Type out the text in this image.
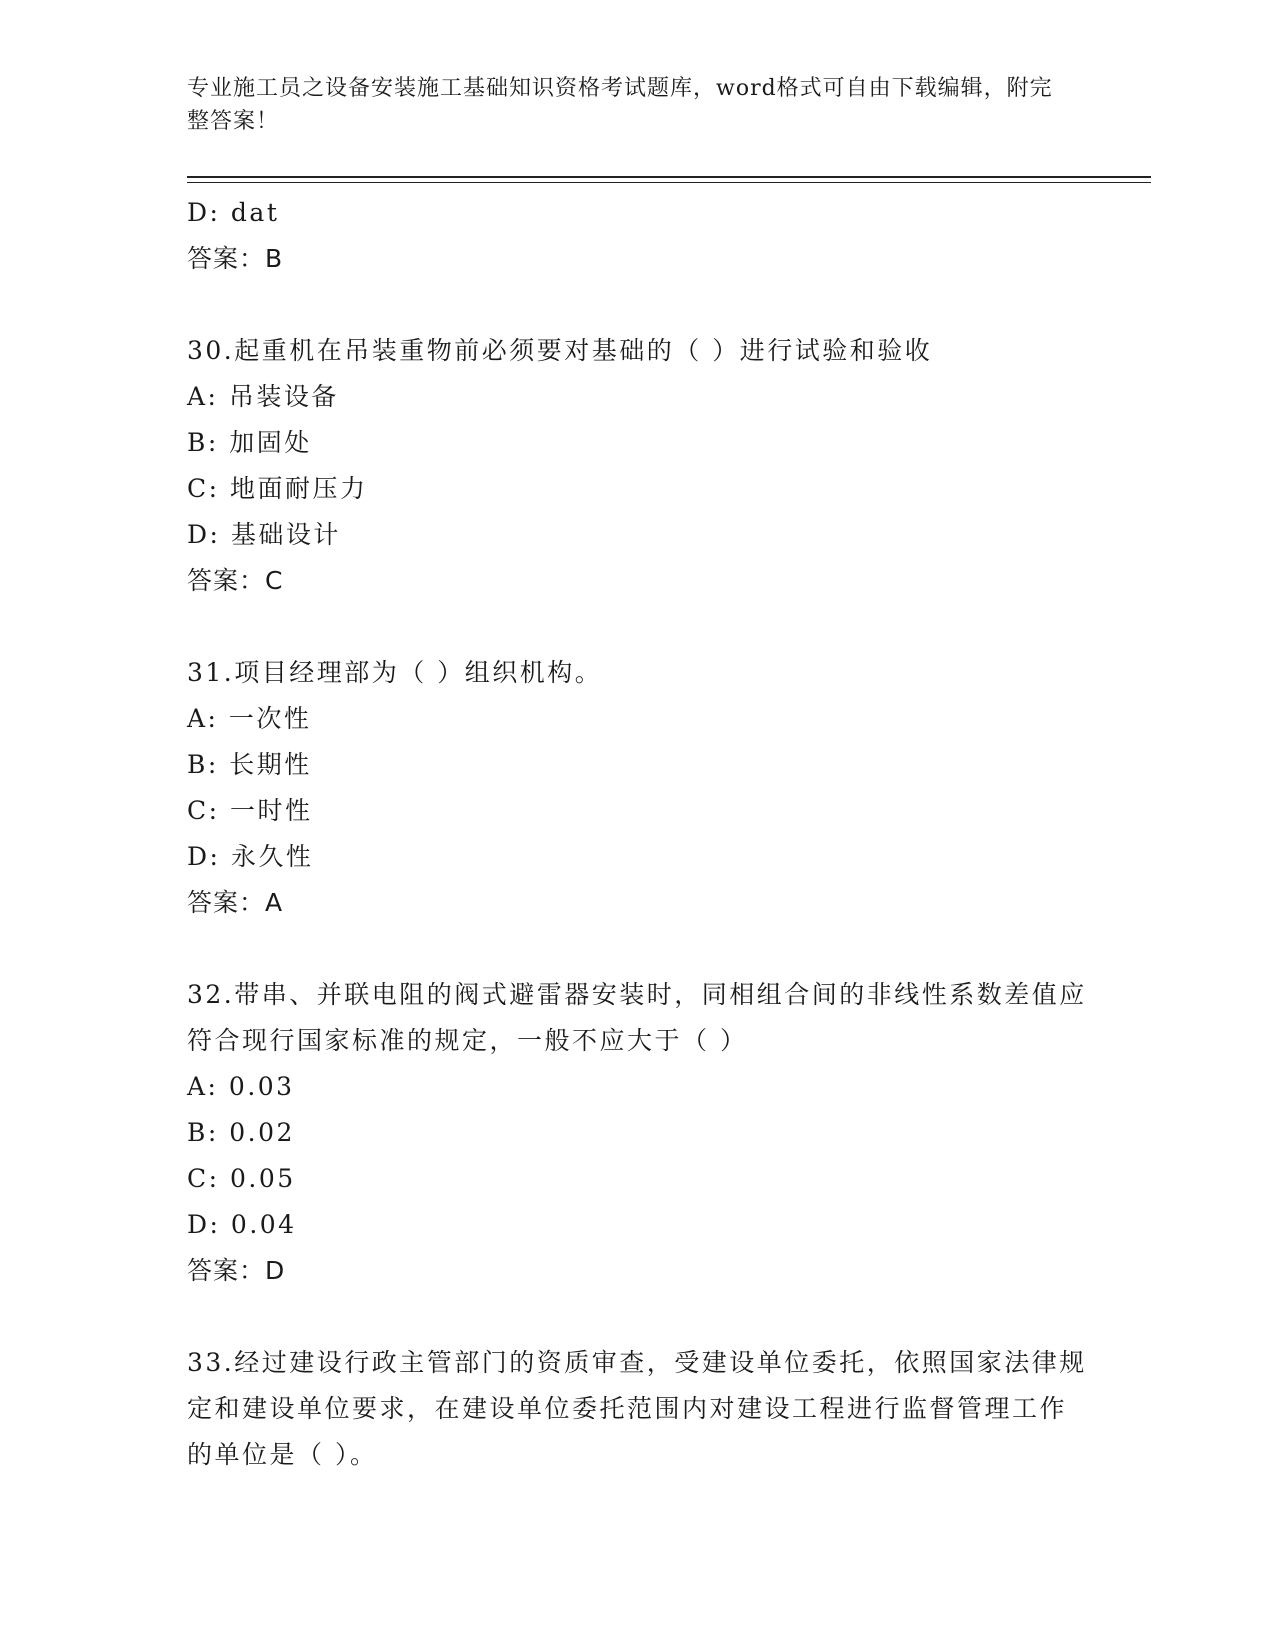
专业施工员之设备安装施工基础知识资格考试题库，word格式可自由下载编辑，附完整答案！
D: dat
答案：B
30.起重机在吊装重物前必须要对基础的（ ）进行试验和验收
A: 吊装设备
B: 加固处
C: 地面耐压力
D: 基础设计
答案：C
31.项目经理部为（ ）组织机构。
A: 一次性
B: 长期性
C: 一时性
D: 永久性
答案：A
32.带串、并联电阻的阀式避雷器安装时，同相组合间的非线性系数差值应符合现行国家标准的规定，一般不应大于（ ）
A: 0.03
B: 0.02
C: 0.05
D: 0.04
答案：D
33.经过建设行政主管部门的资质审查，受建设单位委托，依照国家法律规定和建设单位要求，在建设单位委托范围内对建设工程进行监督管理工作的单位是（ ）。
